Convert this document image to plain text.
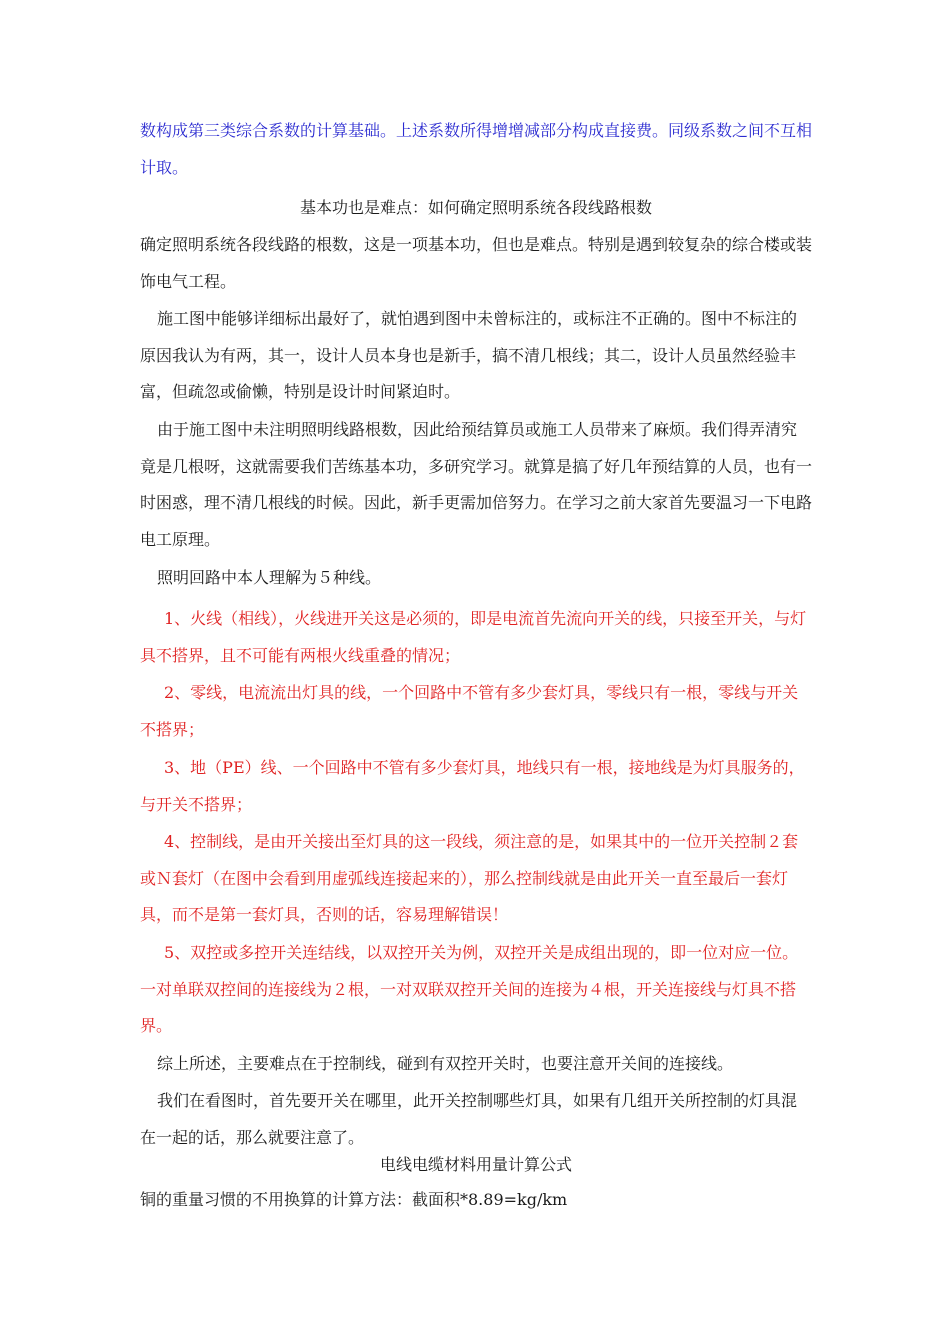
数构成第三类综合系数的计算基础。上述系数所得增增减部分构成直接费。同级系数之间不互相计取。

基本功也是难点：如何确定照明系统各段线路根数

确定照明系统各段线路的根数，这是一项基本功，但也是难点。特别是遇到较复杂的综合楼或装饰电气工程。

施工图中能够详细标出最好了，就怕遇到图中未曾标注的，或标注不正确的。图中不标注的原因我认为有两，其一，设计人员本身也是新手，搞不清几根线；其二，设计人员虽然经验丰富，但疏忽或偷懒，特别是设计时间紧迫时。

由于施工图中未注明照明线路根数，因此给预结算员或施工人员带来了麻烦。我们得弄清究竟是几根呀，这就需要我们苦练基本功，多研究学习。就算是搞了好几年预结算的人员，也有一时困惑，理不清几根线的时候。因此，新手更需加倍努力。在学习之前大家首先要温习一下电路电工原理。

照明回路中本人理解为５种线。

1、火线（相线），火线进开关这是必须的，即是电流首先流向开关的线，只接至开关，与灯具不搭界，且不可能有两根火线重叠的情况；

2、零线，电流流出灯具的线，一个回路中不管有多少套灯具，零线只有一根，零线与开关不搭界；

3、地（PE）线、一个回路中不管有多少套灯具，地线只有一根，接地线是为灯具服务的，与开关不搭界；

4、控制线，是由开关接出至灯具的这一段线，须注意的是，如果其中的一位开关控制２套或Ｎ套灯（在图中会看到用虚弧线连接起来的），那么控制线就是由此开关一直至最后一套灯具，而不是第一套灯具，否则的话，容易理解错误！

5、双控或多控开关连结线，以双控开关为例，双控开关是成组出现的，即一位对应一位。一对单联双控间的连接线为２根，一对双联双控开关间的连接为４根，开关连接线与灯具不搭界。

综上所述，主要难点在于控制线，碰到有双控开关时，也要注意开关间的连接线。

我们在看图时，首先要开关在哪里，此开关控制哪些灯具，如果有几组开关所控制的灯具混在一起的话，那么就要注意了。

电线电缆材料用量计算公式

铜的重量习惯的不用换算的计算方法：截面积*8.89=kg/km
